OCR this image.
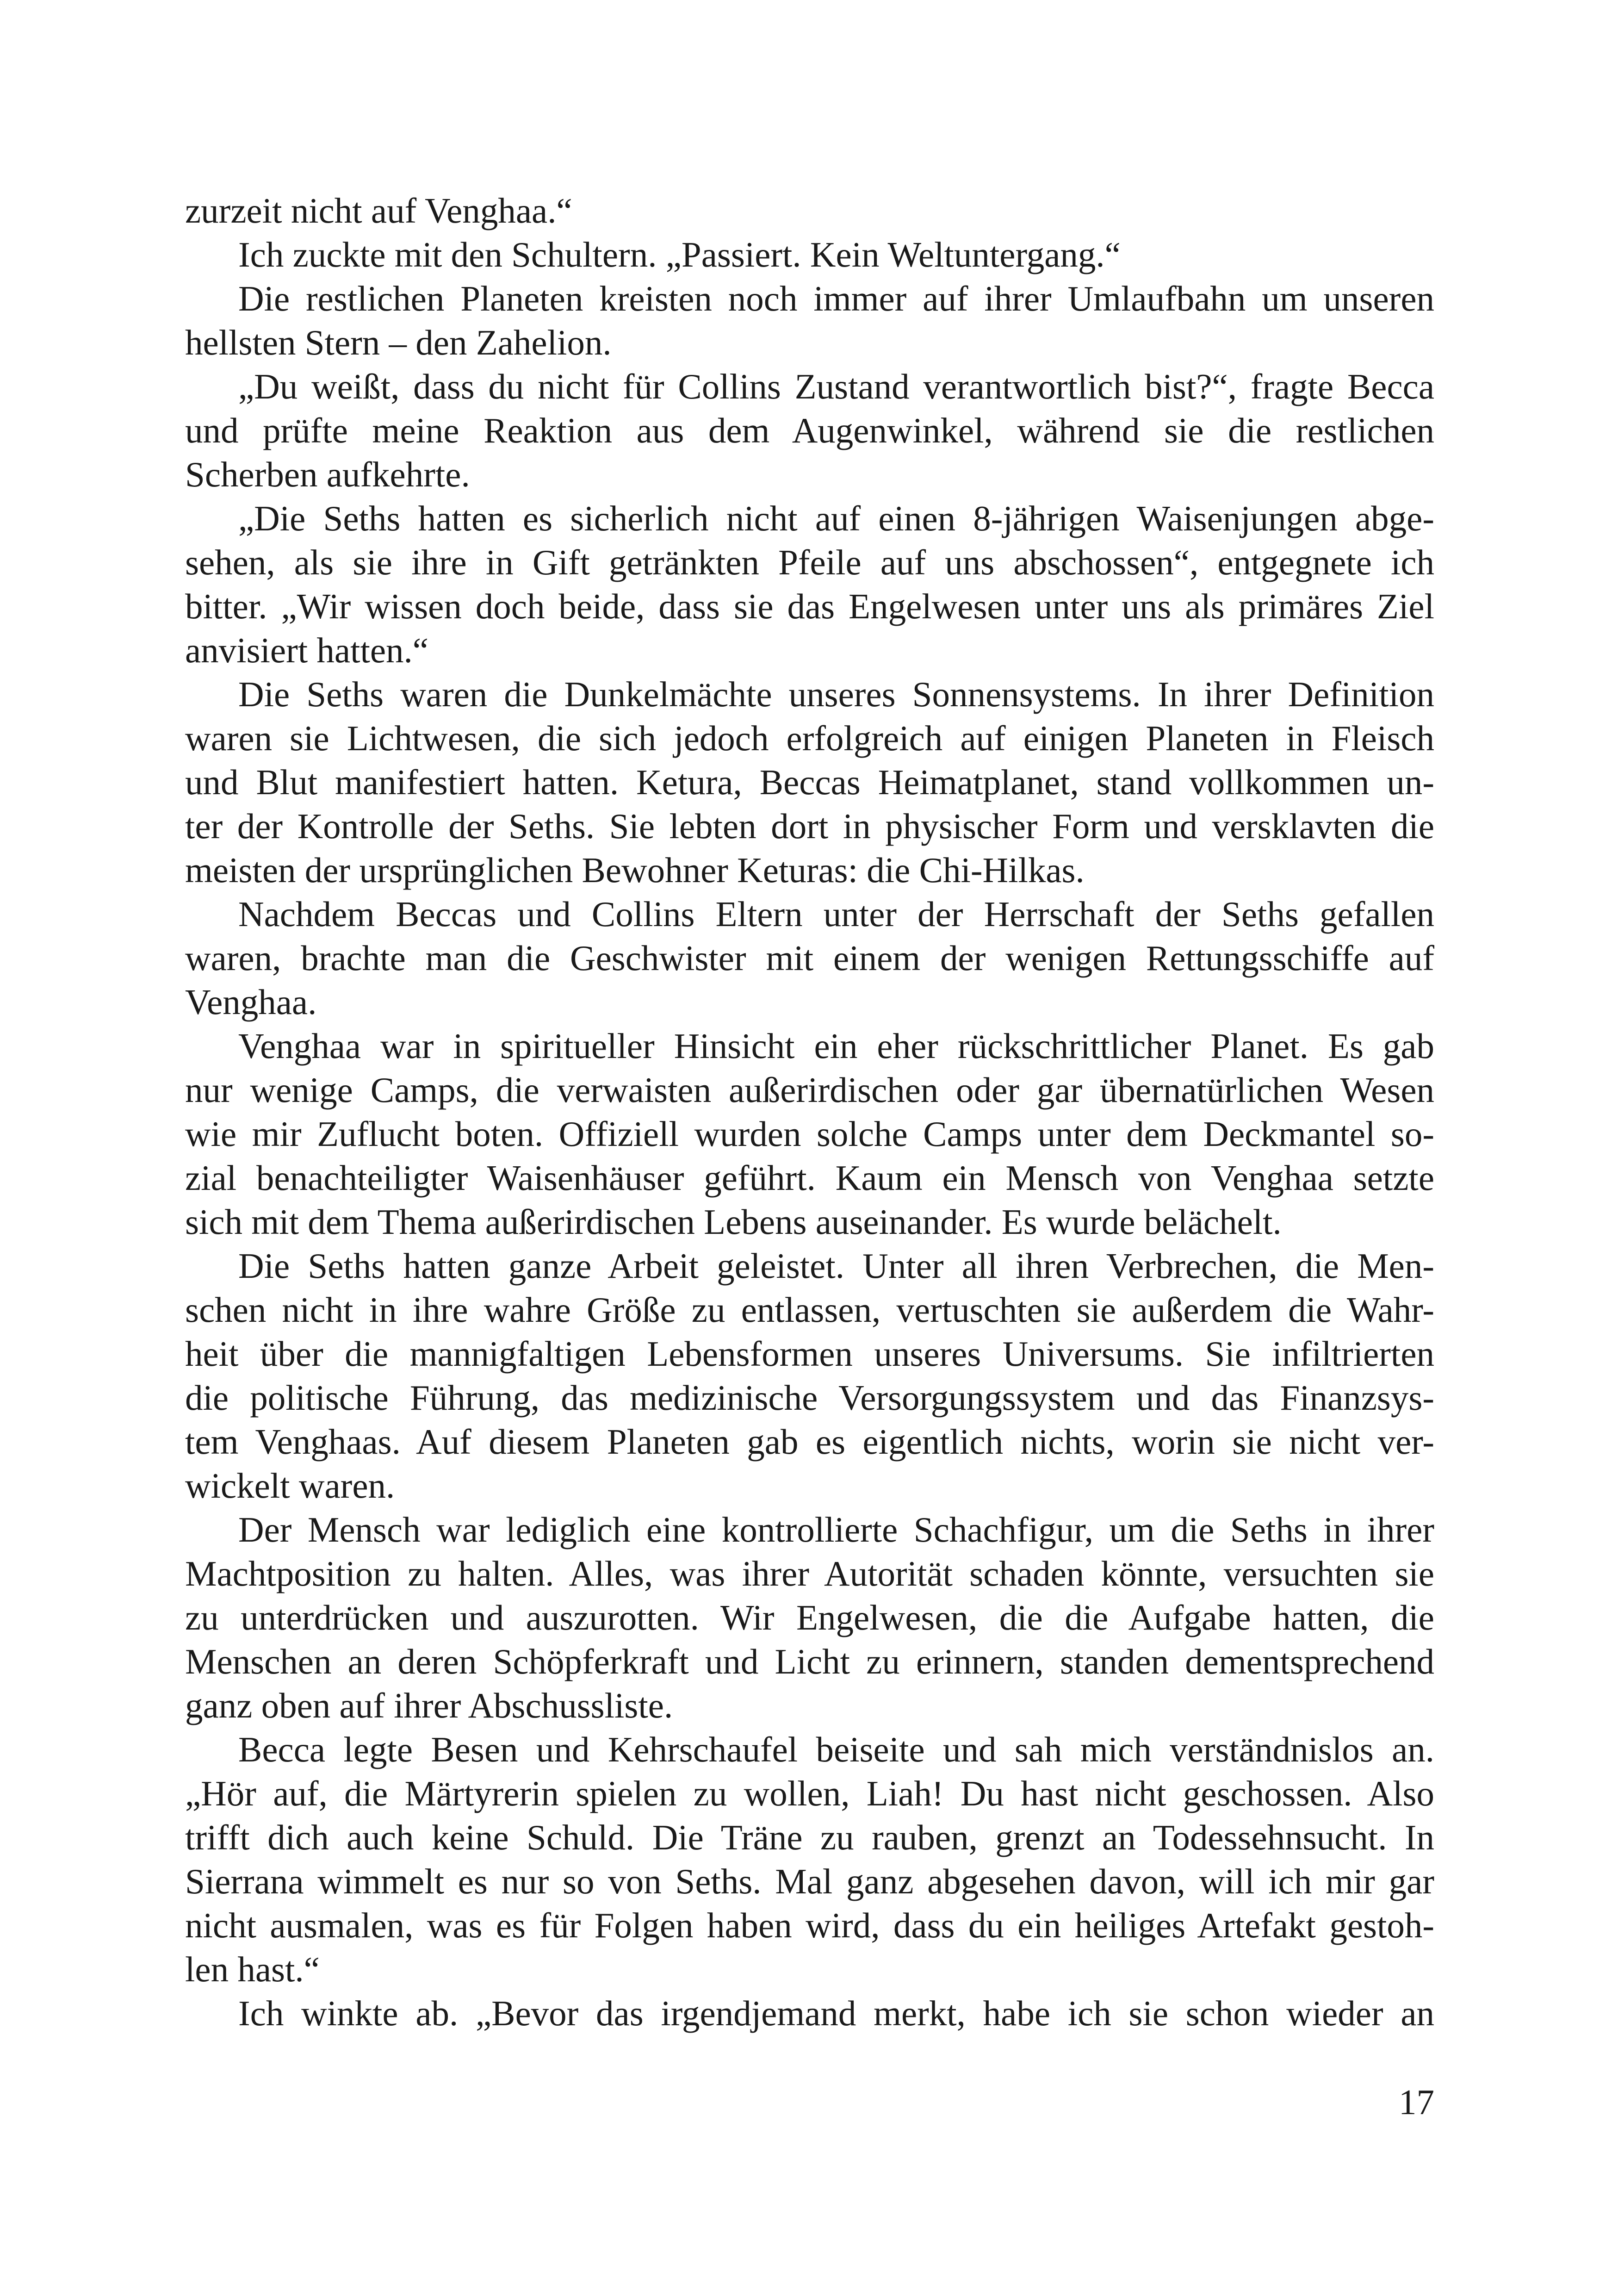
zurzeit nicht auf Venghaa.“
Ich zuckte mit den Schultern. „Passiert. Kein Weltuntergang.“
Die restlichen Planeten kreisten noch immer auf ihrer Umlaufbahn um unseren
hellsten Stern – den Zahelion.
„Du weißt, dass du nicht für Collins Zustand verantwortlich bist?“, fragte Becca
und prüfte meine Reaktion aus dem Augenwinkel, während sie die restlichen
Scherben aufkehrte.
„Die Seths hatten es sicherlich nicht auf einen 8-jährigen Waisenjungen abge-
sehen, als sie ihre in Gift getränkten Pfeile auf uns abschossen“, entgegnete ich
bitter. „Wir wissen doch beide, dass sie das Engelwesen unter uns als primäres Ziel
anvisiert hatten.“
Die Seths waren die Dunkelmächte unseres Sonnensystems. In ihrer Definition
waren sie Lichtwesen, die sich jedoch erfolgreich auf einigen Planeten in Fleisch
und Blut manifestiert hatten. Ketura, Beccas Heimatplanet, stand vollkommen un-
ter der Kontrolle der Seths. Sie lebten dort in physischer Form und versklavten die
meisten der ursprünglichen Bewohner Keturas: die Chi-Hilkas.
Nachdem Beccas und Collins Eltern unter der Herrschaft der Seths gefallen
waren, brachte man die Geschwister mit einem der wenigen Rettungsschiffe auf
Venghaa.
Venghaa war in spiritueller Hinsicht ein eher rückschrittlicher Planet. Es gab
nur wenige Camps, die verwaisten außerirdischen oder gar übernatürlichen Wesen
wie mir Zuflucht boten. Offiziell wurden solche Camps unter dem Deckmantel so-
zial benachteiligter Waisenhäuser geführt. Kaum ein Mensch von Venghaa setzte
sich mit dem Thema außerirdischen Lebens auseinander. Es wurde belächelt.
Die Seths hatten ganze Arbeit geleistet. Unter all ihren Verbrechen, die Men-
schen nicht in ihre wahre Größe zu entlassen, vertuschten sie außerdem die Wahr-
heit über die mannigfaltigen Lebensformen unseres Universums. Sie infiltrierten
die politische Führung, das medizinische Versorgungssystem und das Finanzsys-
tem Venghaas. Auf diesem Planeten gab es eigentlich nichts, worin sie nicht ver-
wickelt waren.
Der Mensch war lediglich eine kontrollierte Schachfigur, um die Seths in ihrer
Machtposition zu halten. Alles, was ihrer Autorität schaden könnte, versuchten sie
zu unterdrücken und auszurotten. Wir Engelwesen, die die Aufgabe hatten, die
Menschen an deren Schöpferkraft und Licht zu erinnern, standen dementsprechend
ganz oben auf ihrer Abschussliste.
Becca legte Besen und Kehrschaufel beiseite und sah mich verständnislos an.
„Hör auf, die Märtyrerin spielen zu wollen, Liah! Du hast nicht geschossen. Also
trifft dich auch keine Schuld. Die Träne zu rauben, grenzt an Todessehnsucht. In
Sierrana wimmelt es nur so von Seths. Mal ganz abgesehen davon, will ich mir gar
nicht ausmalen, was es für Folgen haben wird, dass du ein heiliges Artefakt gestoh-
len hast.“
Ich winkte ab. „Bevor das irgendjemand merkt, habe ich sie schon wieder an
17
